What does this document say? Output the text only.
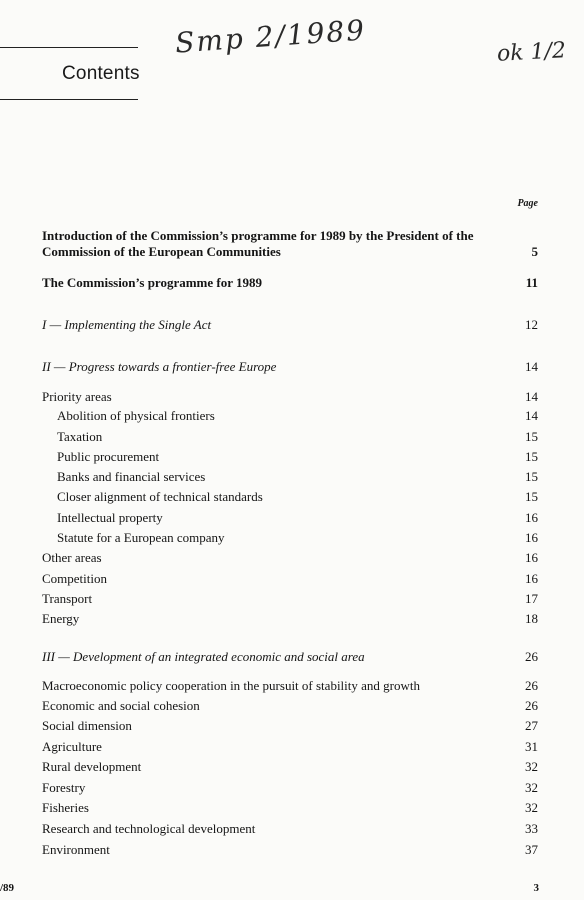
Contents
Smp 2/1989	ok 1/2
Page
Introduction of the Commission’s programme for 1989 by the President of the Commission of the European Communities	5
The Commission’s programme for 1989	11
I — Implementing the Single Act	12
II — Progress towards a frontier-free Europe	14
Priority areas	14
Abolition of physical frontiers	14
Taxation	15
Public procurement	15
Banks and financial services	15
Closer alignment of technical standards	15
Intellectual property	16
Statute for a European company	16
Other areas	16
Competition	16
Transport	17
Energy	18
III — Development of an integrated economic and social area	26
Macroeconomic policy cooperation in the pursuit of stability and growth	26
Economic and social cohesion	26
Social dimension	27
Agriculture	31
Rural development	32
Forestry	32
Fisheries	32
Research and technological development	33
Environment	37
/89	3
